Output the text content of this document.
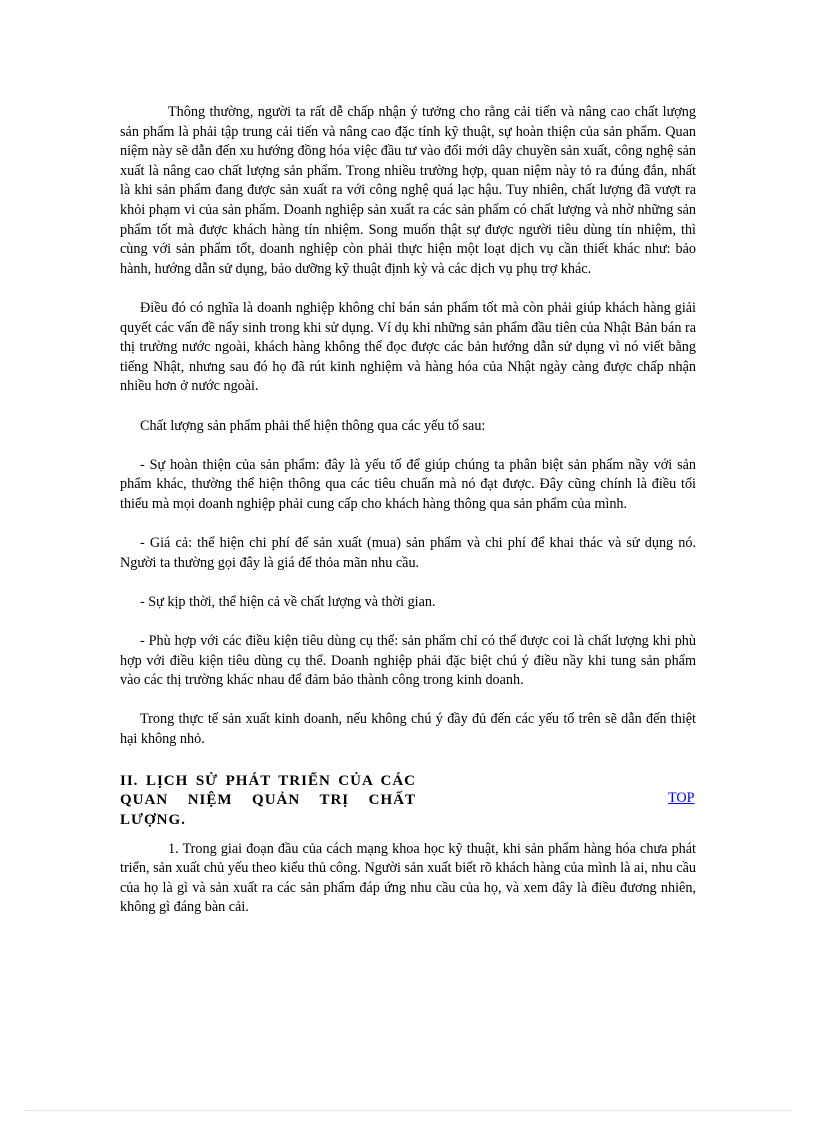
Thông thường, người ta rất dễ chấp nhận ý tưởng cho rằng cải tiến và nâng cao chất lượng sản phẩm là phải tập trung cải tiến và nâng cao đặc tính kỹ thuật, sự hoàn thiện của sản phẩm. Quan niệm này sẽ dẫn đến xu hướng đồng hóa việc đầu tư vào đổi mới dây chuyền sản xuất, công nghệ sản xuất là nâng cao chất lượng sản phẩm. Trong nhiều trường hợp, quan niệm này tỏ ra đúng đắn, nhất là khi sản phẩm đang được sản xuất ra với công nghệ quá lạc hậu. Tuy nhiên, chất lượng đã vượt ra khỏi phạm vi của sản phẩm. Doanh nghiệp sản xuất ra các sản phẩm có chất lượng và nhờ những sản phẩm tốt mà được khách hàng tín nhiệm. Song muốn thật sự được người tiêu dùng tín nhiệm, thì cùng với sản phẩm tốt, doanh nghiệp còn phải thực hiện một loạt dịch vụ cần thiết khác như: bảo hành, hướng dẫn sử dụng, bảo dưỡng kỹ thuật định kỳ và các dịch vụ phụ trợ khác.

Điều đó có nghĩa là doanh nghiệp không chỉ bán sản phẩm tốt mà còn phải giúp khách hàng giải quyết các vấn đề nẩy sinh trong khi sử dụng. Ví dụ khi những sản phẩm đầu tiên của Nhật Bản bán ra thị trường nước ngoài, khách hàng không thể đọc được các bản hướng dẫn sử dụng vì nó viết bằng tiếng Nhật, nhưng sau đó họ đã rút kinh nghiệm và hàng hóa của Nhật ngày càng được chấp nhận nhiều hơn ở nước ngoài.

Chất lượng sản phẩm phải thể hiện thông qua các yếu tố sau:

- Sự hoàn thiện của sản phẩm: đây là yếu tố để giúp chúng ta phân biệt sản phẩm nầy với sản phẩm khác, thường thể hiện thông qua các tiêu chuẩn mà nó đạt được. Đây cũng chính là điều tối thiểu mà mọi doanh nghiệp phải cung cấp cho khách hàng thông qua sản phẩm của mình.

- Giá cả: thể hiện chi phí để sản xuất (mua) sản phẩm và chi phí để khai thác và sử dụng nó. Người ta thường gọi đây là giá để thỏa mãn nhu cầu.

- Sự kịp thời, thể hiện cả về chất lượng và thời gian.

- Phù hợp với các điều kiện tiêu dùng cụ thể: sản phẩm chỉ có thể được coi là chất lượng khi phù hợp với điều kiện tiêu dùng cụ thể. Doanh nghiệp phải đặc biệt chú ý điều nầy khi tung sản phẩm vào các thị trường khác nhau để đảm bảo thành công trong kinh doanh.

Trong thực tế sản xuất kinh doanh, nếu không chú ý đầy đủ đến các yếu tố trên sẽ dẫn đến thiệt hại không nhỏ.

II. LỊCH SỬ PHÁT TRIỂN CỦA CÁC QUAN NIỆM QUẢN TRỊ CHẤT LƯỢNG.
TOP

1. Trong giai đoạn đầu của cách mạng khoa học kỹ thuật, khi sản phẩm hàng hóa chưa phát triển, sản xuất chủ yếu theo kiểu thủ công. Người sản xuất biết rõ khách hàng của mình là ai, nhu cầu của họ là gì và sản xuất ra các sản phẩm đáp ứng nhu cầu của họ, và xem đây là điều đương nhiên, không gì đáng bàn cải.
